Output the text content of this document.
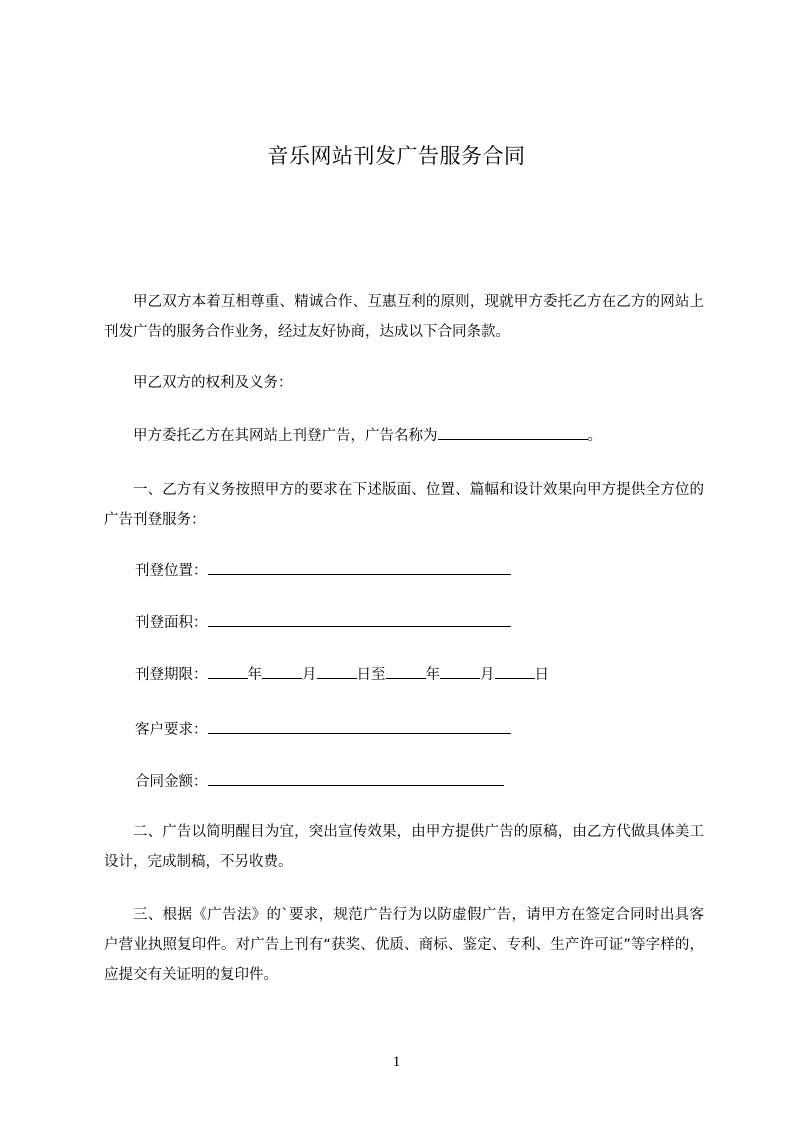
音乐网站刊发广告服务合同
甲乙双方本着互相尊重、精诚合作、互惠互利的原则，现就甲方委托乙方在乙方的网站上刊发广告的服务合作业务，经过友好协商，达成以下合同条款。
甲乙双方的权利及义务：
甲方委托乙方在其网站上刊登广告，广告名称为	。
一、乙方有义务按照甲方的要求在下述版面、位置、篇幅和设计效果向甲方提供全方位的广告刊登服务：
刊登位置：
刊登面积：
刊登期限：	年	月	日至	年	月	日
客户要求：
合同金额：
二、广告以简明醒目为宜，突出宣传效果，由甲方提供广告的原稿，由乙方代做具体美工设计，完成制稿，不另收费。
三、根据《广告法》的`要求，规范广告行为以防虚假广告，请甲方在签定合同时出具客户营业执照复印件。对广告上刊有“获奖、优质、商标、鉴定、专利、生产许可证”等字样的，应提交有关证明的复印件。
1
